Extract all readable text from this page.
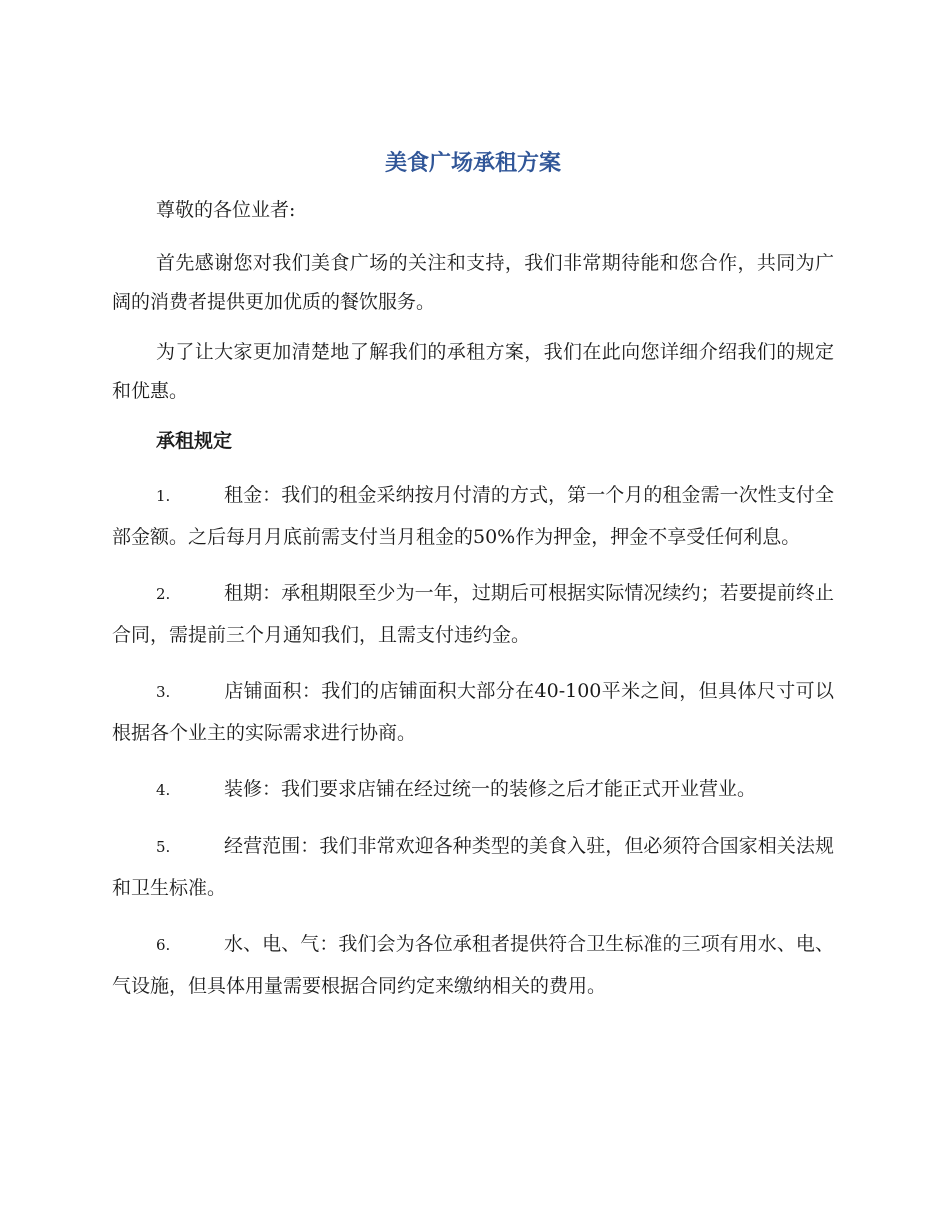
美食广场承租方案

尊敬的各位业者:

首先感谢您对我们美食广场的关注和支持，我们非常期待能和您合作，共同为广阔的消费者提供更加优质的餐饮服务。

为了让大家更加清楚地了解我们的承租方案，我们在此向您详细介绍我们的规定和优惠。

承租规定
1.	租金：我们的租金采纳按月付清的方式，第一个月的租金需一次性支付全部金额。之后每月月底前需支付当月租金的50%作为押金，押金不享受任何利息。
2.	租期：承租期限至少为一年，过期后可根据实际情况续约；若要提前终止合同，需提前三个月通知我们，且需支付违约金。
3.	店铺面积：我们的店铺面积大部分在40-100平米之间，但具体尺寸可以根据各个业主的实际需求进行协商。
4.	装修：我们要求店铺在经过统一的装修之后才能正式开业营业。
5.	经营范围：我们非常欢迎各种类型的美食入驻，但必须符合国家相关法规和卫生标准。
6.	水、电、气：我们会为各位承租者提供符合卫生标准的三项有用水、电、气设施，但具体用量需要根据合同约定来缴纳相关的费用。
